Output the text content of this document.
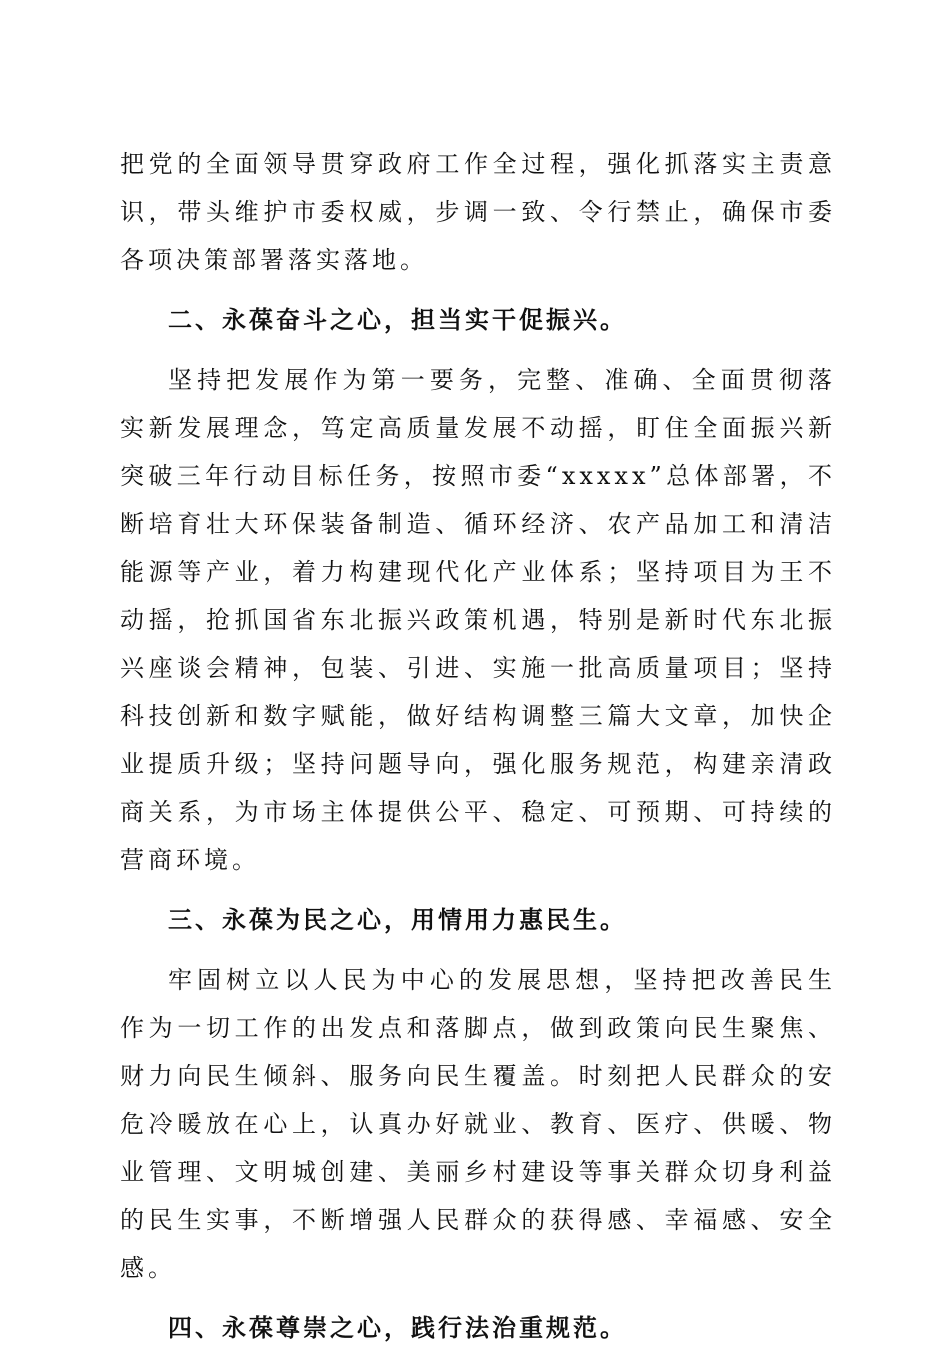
把党的全面领导贯穿政府工作全过程，强化抓落实主责意识，带头维护市委权威，步调一致、令行禁止，确保市委各项决策部署落实落地。

二、永葆奋斗之心，担当实干促振兴。

坚持把发展作为第一要务，完整、准确、全面贯彻落实新发展理念，笃定高质量发展不动摇，盯住全面振兴新突破三年行动目标任务，按照市委“xxxxx”总体部署，不断培育壮大环保装备制造、循环经济、农产品加工和清洁能源等产业，着力构建现代化产业体系；坚持项目为王不动摇，抢抓国省东北振兴政策机遇，特别是新时代东北振兴座谈会精神，包装、引进、实施一批高质量项目；坚持科技创新和数字赋能，做好结构调整三篇大文章，加快企业提质升级；坚持问题导向，强化服务规范，构建亲清政商关系，为市场主体提供公平、稳定、可预期、可持续的营商环境。

三、永葆为民之心，用情用力惠民生。

牢固树立以人民为中心的发展思想，坚持把改善民生作为一切工作的出发点和落脚点，做到政策向民生聚焦、财力向民生倾斜、服务向民生覆盖。时刻把人民群众的安危冷暖放在心上，认真办好就业、教育、医疗、供暖、物业管理、文明城创建、美丽乡村建设等事关群众切身利益的民生实事，不断增强人民群众的获得感、幸福感、安全感。

四、永葆尊崇之心，践行法治重规范。
